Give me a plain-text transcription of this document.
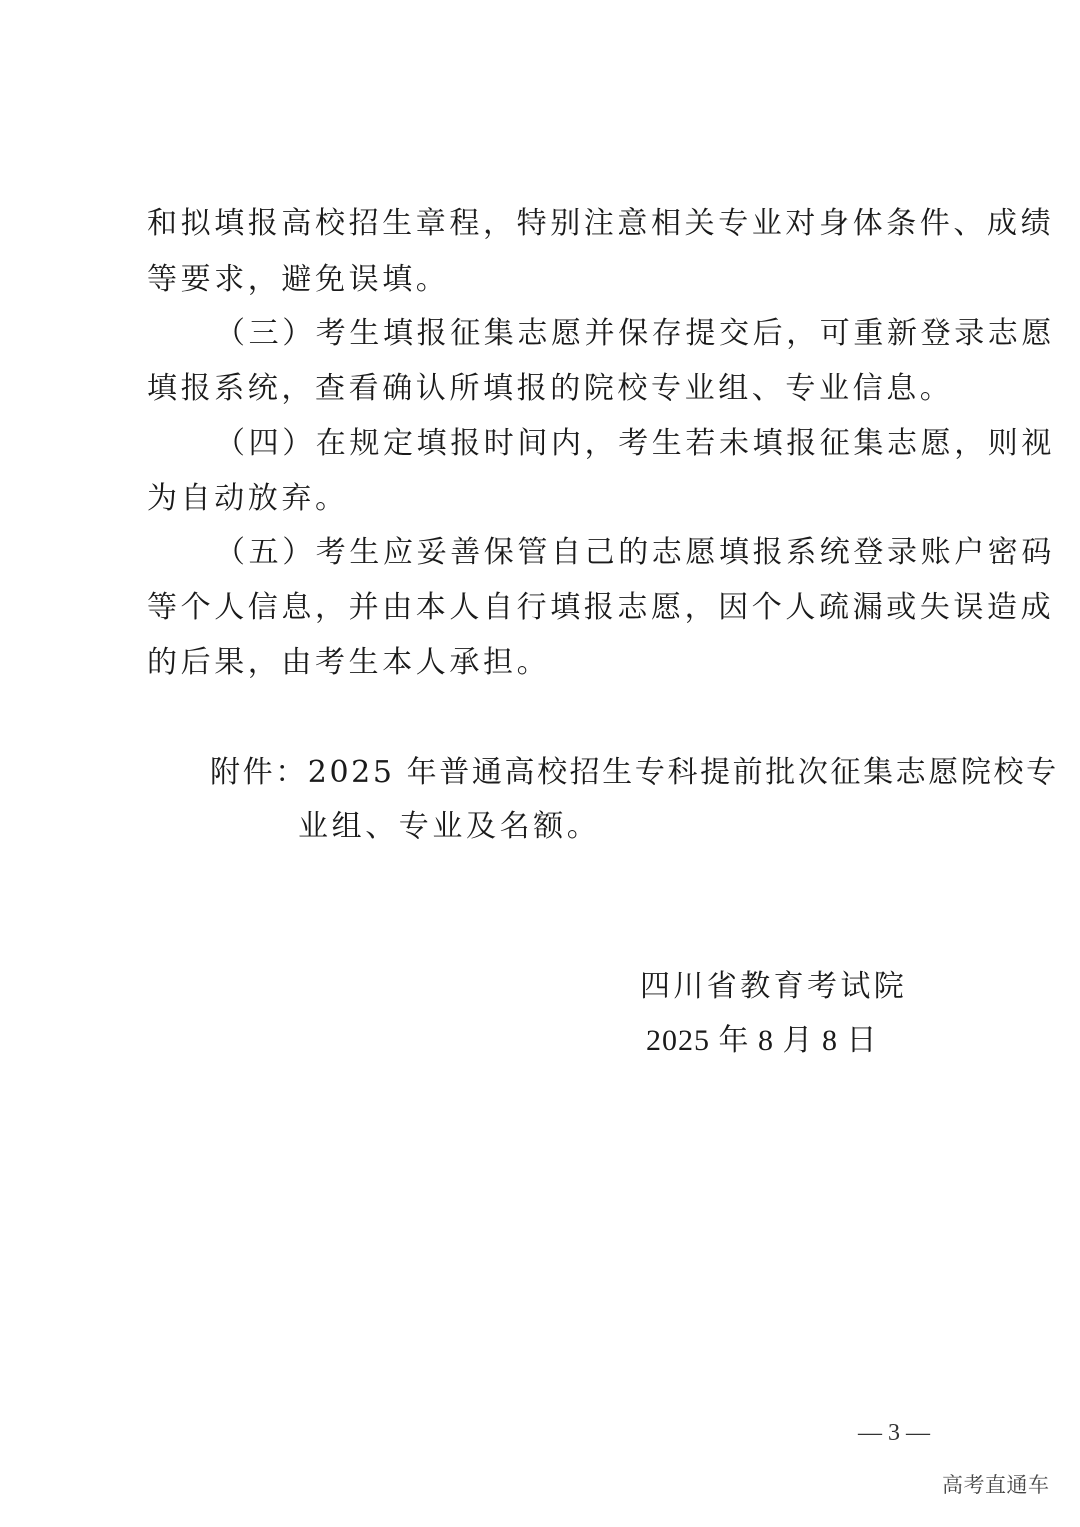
和拟填报高校招生章程，特别注意相关专业对身体条件、成绩
等要求，避免误填。
（三）考生填报征集志愿并保存提交后，可重新登录志愿
填报系统，查看确认所填报的院校专业组、专业信息。
（四）在规定填报时间内，考生若未填报征集志愿，则视
为自动放弃。
（五）考生应妥善保管自己的志愿填报系统登录账户密码
等个人信息，并由本人自行填报志愿，因个人疏漏或失误造成
的后果，由考生本人承担。
附件：2025 年普通高校招生专科提前批次征集志愿院校专
业组、专业及名额。
四川省教育考试院
2025 年 8 月 8 日
— 3 —
高考直通车
